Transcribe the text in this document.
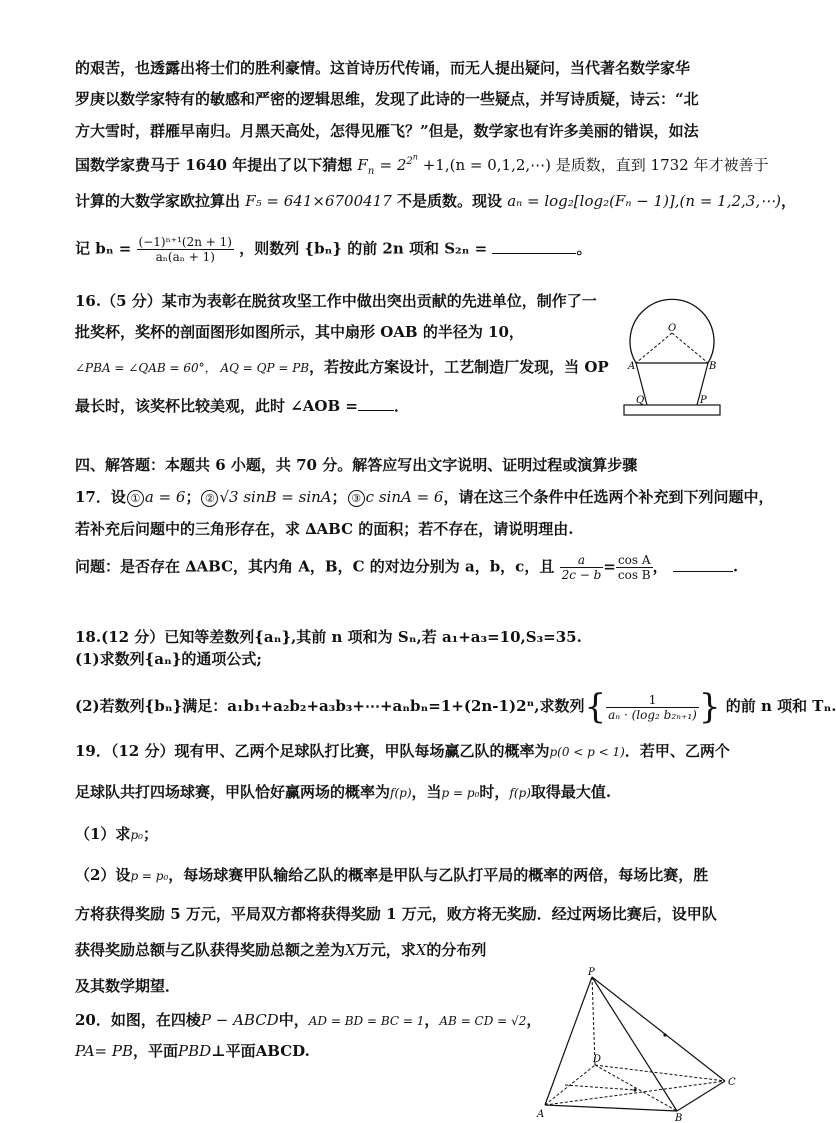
的艰苦，也透露出将士们的胜利豪情。这首诗历代传诵，而无人提出疑问，当代著名数学家华
罗庚以数学家特有的敏感和严密的逻辑思维，发现了此诗的一些疑点，并写诗质疑，诗云：“北
方大雪时，群雁早南归。月黑天高处，怎得见雁飞？”但是，数学家也有许多美丽的错误，如法
国数学家费马于 1640 年提出了以下猜想 $F_n = 2^{2^n} +1,(n$ = 0,1,2,⋯) 是质数，直到 1732 年才被善于
计算的大数学家欧拉算出 F₅ = 641×6700417 不是质数。现设 aₙ = log₂[log₂(Fₙ − 1)],(n = 1,2,3,⋯)，
记 $b_n = \frac{\text{(−1)ⁿ⁺¹(2n + 1)}}{\text{aₙ(aₙ + 1)}}$ ，则数列 {bₙ} 的前 2n 项和 S₂ₙ =	。
16.（5 分）某市为表彰在脱贫攻坚工作中做出突出贡献的先进单位，制作了一
批奖杯，奖杯的剖面图形如图所示，其中扇形 OAB 的半径为 10，
∠PBA = ∠QAB = 60°， AQ = QP = PB，若按此方案设计，工艺制造厂发现，当 OP
最长时，该奖杯比较美观，此时 ∠AOB = ．
O
A	B
Q	P
四、解答题：本题共 6 小题，共 70 分。解答应写出文字说明、证明过程或演算步骤
17．设 ① a = 6； ② √3 sinB = sinA； ③ c sinA = 6，请在这三个条件中任选两个补充到下列问题中，
若补充后问题中的三角形存在，求 ∆ABC 的面积；若不存在，请说明理由.
问题：是否存在 ∆ABC，其内角 A，B，C 的对边分别为 a，b，c，且 $\frac{a}{2c - b} = \frac{\text{cos A}}{\text{cos B}}$ ，	.
18.(12 分）已知等差数列{aₙ},其前 n 项和为 Sₙ,若 a₁+a₃=10,S₃=35.
(1)求数列{aₙ}的通项公式;
(2)若数列{bₙ}满足：a₁b₁+a₂b₂+a₃b₃+⋯+aₙbₙ=1+(2n-1)2ⁿ,求数列{ $\frac{1}{\text{aₙ · (log₂ b₂ₙ₊₁)}}$ } 的前 n 项和 Tₙ.
19．（12 分）现有甲、乙两个足球队打比赛，甲队每场赢乙队的概率为p(0 < p < 1)．若甲、乙两个
足球队共打四场球赛，甲队恰好赢两场的概率为f(p)，当p = p₀时，f(p)取得最大值.
（1）求p₀；
（2）设p = p₀，每场球赛甲队输给乙队的概率是甲队与乙队打平局的概率的两倍，每场比赛，胜
方将获得奖励 5 万元，平局双方都将获得奖励 1 万元，败方将无奖励．经过两场比赛后，设甲队
获得奖励总额与乙队获得奖励总额之差为X万元，求X的分布列
及其数学期望．
20．如图，在四棱P − ABCD中，AD = BD = BC = 1，AB = CD = √2，
PA= PB，平面PBD⊥平面ABCD.
P
A	B
C
D
